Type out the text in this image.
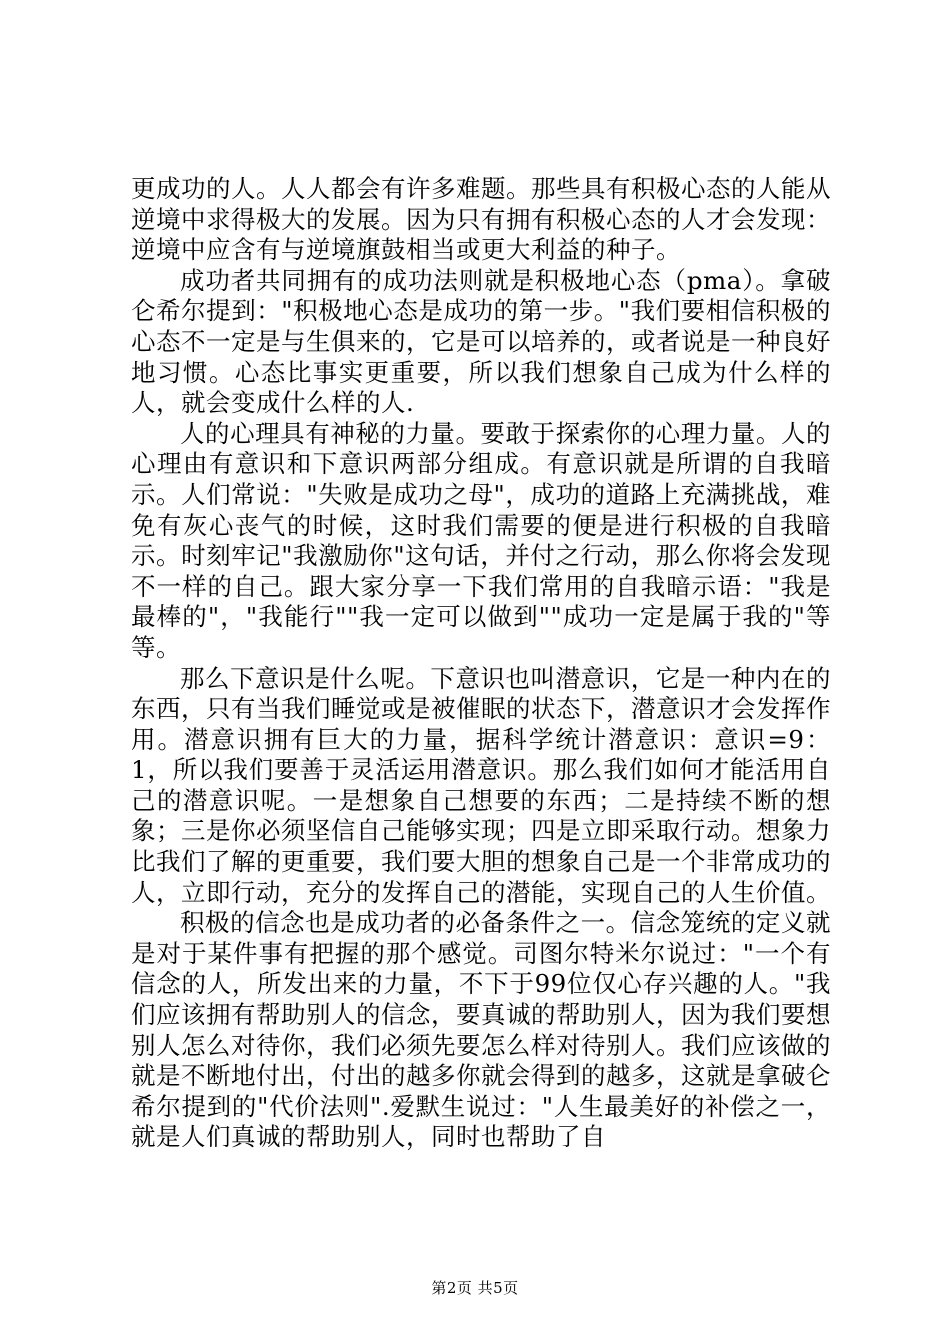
更成功的人。人人都会有许多难题。那些具有积极心态的人能从逆境中求得极大的发展。因为只有拥有积极心态的人才会发现：逆境中应含有与逆境旗鼓相当或更大利益的种子。

成功者共同拥有的成功法则就是积极地心态（pma）。拿破仑希尔提到："积极地心态是成功的第一步。"我们要相信积极的心态不一定是与生俱来的，它是可以培养的，或者说是一种良好地习惯。心态比事实更重要，所以我们想象自己成为什么样的人，就会变成什么样的人.

人的心理具有神秘的力量。要敢于探索你的心理力量。人的心理由有意识和下意识两部分组成。有意识就是所谓的自我暗示。人们常说："失败是成功之母"，成功的道路上充满挑战，难免有灰心丧气的时候，这时我们需要的便是进行积极的自我暗示。时刻牢记"我激励你"这句话，并付之行动，那么你将会发现不一样的自己。跟大家分享一下我们常用的自我暗示语："我是最棒的"，"我能行""我一定可以做到""成功一定是属于我的"等等。

那么下意识是什么呢。下意识也叫潜意识，它是一种内在的东西，只有当我们睡觉或是被催眠的状态下，潜意识才会发挥作用。潜意识拥有巨大的力量，据科学统计潜意识：意识=9：1，所以我们要善于灵活运用潜意识。那么我们如何才能活用自己的潜意识呢。一是想象自己想要的东西；二是持续不断的想象；三是你必须坚信自己能够实现；四是立即采取行动。想象力比我们了解的更重要，我们要大胆的想象自己是一个非常成功的人，立即行动，充分的发挥自己的潜能，实现自己的人生价值。

积极的信念也是成功者的必备条件之一。信念笼统的定义就是对于某件事有把握的那个感觉。司图尔特米尔说过："一个有信念的人，所发出来的力量，不下于99位仅心存兴趣的人。"我们应该拥有帮助别人的信念，要真诚的帮助别人，因为我们要想别人怎么对待你，我们必须先要怎么样对待别人。我们应该做的就是不断地付出，付出的越多你就会得到的越多，这就是拿破仑希尔提到的"代价法则".爱默生说过："人生最美好的补偿之一，就是人们真诚的帮助别人，同时也帮助了自

第2页 共5页
